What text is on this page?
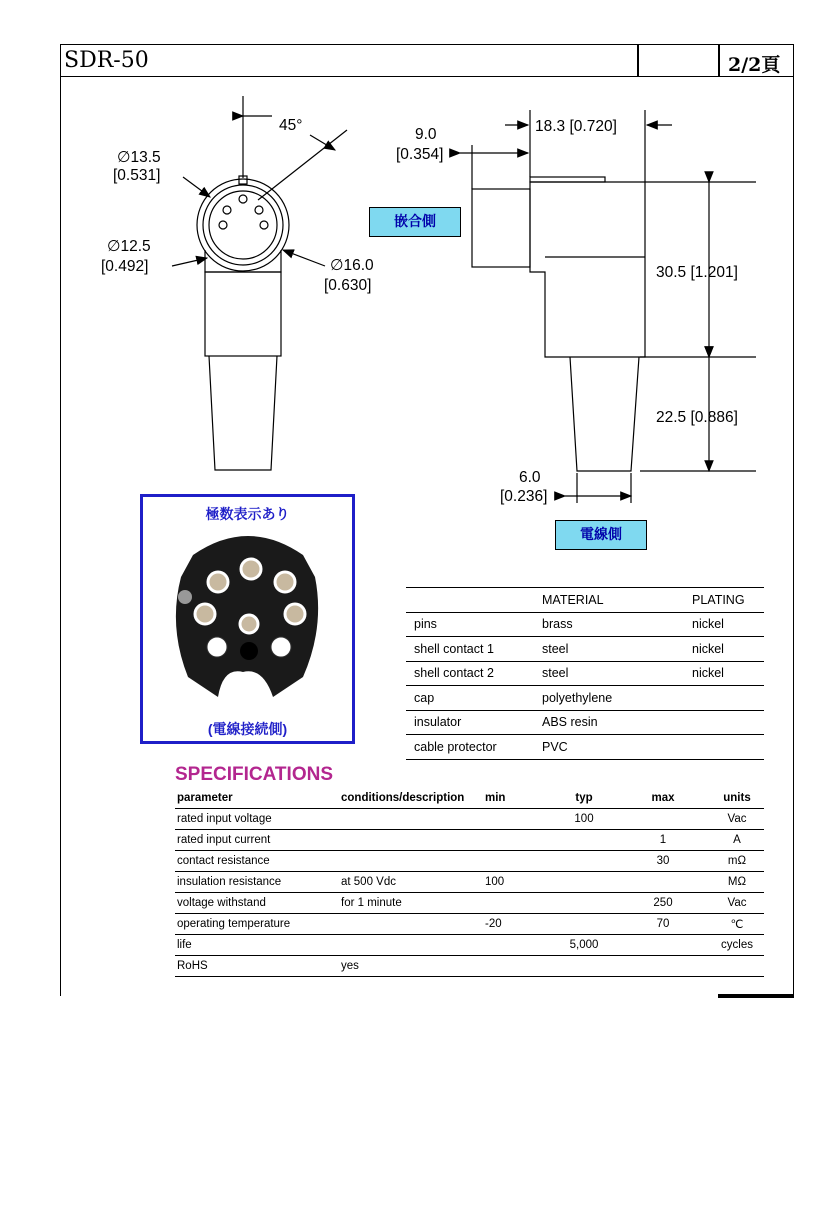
SDR-50	2/2頁
45°
∅13.5
[0.531]
∅12.5
[0.492]	∅16.0
[0.630]
18.3 [0.720]
9.0
[0.354]
30.5 [1.201]
22.5 [0.886]
6.0
[0.236]
嵌合側
電線側
極数表示あり
(電線接続側)
	MATERIAL	PLATING
pins	brass	nickel
shell contact 1	steel	nickel
shell contact 2	steel	nickel
cap	polyethylene	
insulator	ABS resin	
cable protector	PVC	
SPECIFICATIONS
parameter	conditions/description	min	typ	max	units
rated input voltage			100		Vac
rated input current				1	A
contact resistance				30	mΩ
insulation resistance	at 500 Vdc	100			MΩ
voltage withstand	for 1 minute			250	Vac
operating temperature		-20		70	℃
life			5,000		cycles
RoHS	yes				
